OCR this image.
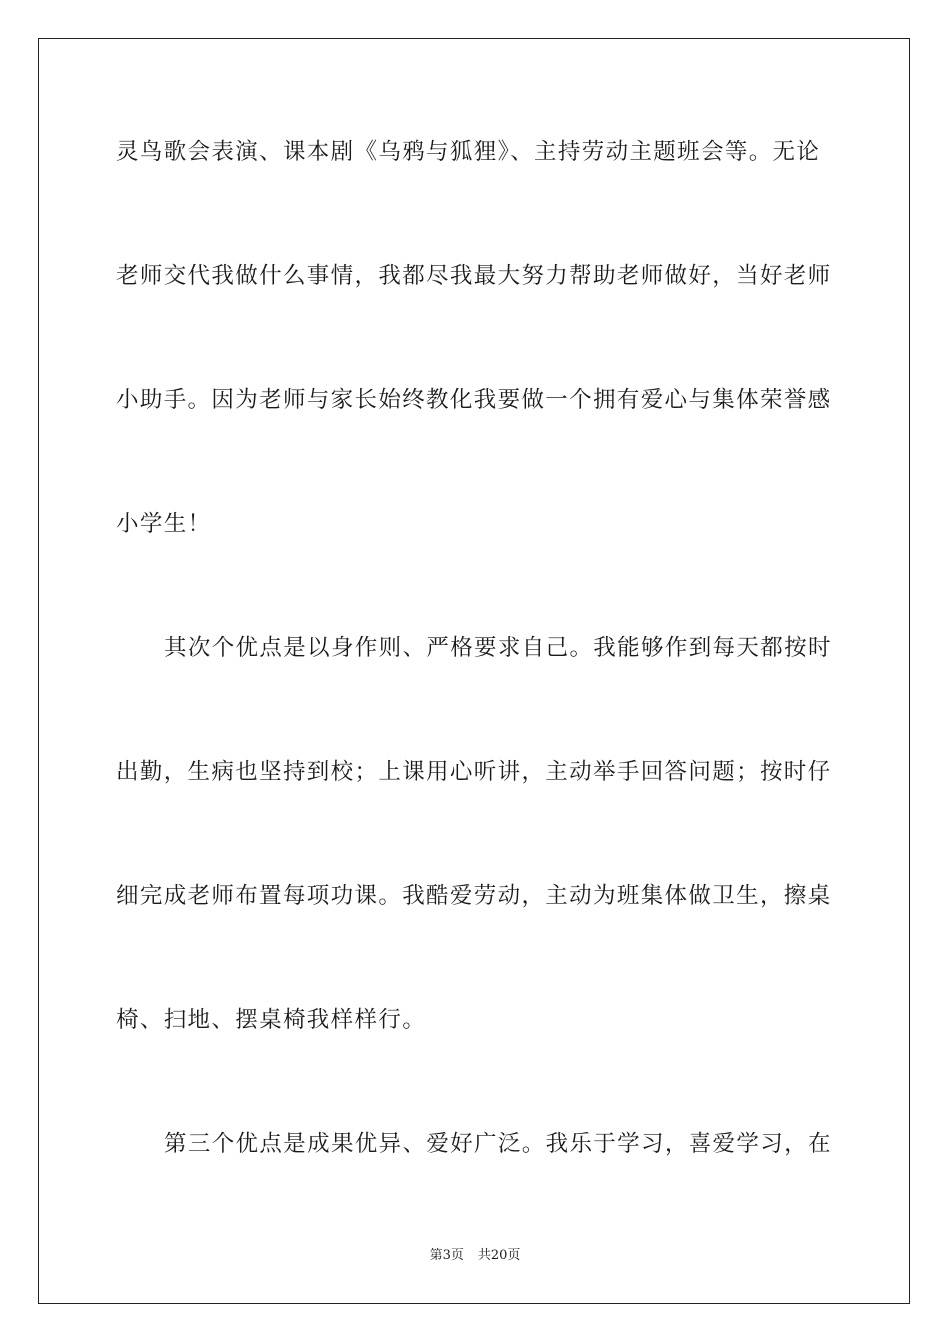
灵鸟歌会表演、课本剧《乌鸦与狐狸》、主持劳动主题班会等。无论
老师交代我做什么事情，我都尽我最大努力帮助老师做好，当好老师
小助手。因为老师与家长始终教化我要做一个拥有爱心与集体荣誉感
小学生！
其次个优点是以身作则、严格要求自己。我能够作到每天都按时
出勤，生病也坚持到校；上课用心听讲，主动举手回答问题；按时仔
细完成老师布置每项功课。我酷爱劳动，主动为班集体做卫生，擦桌
椅、扫地、摆桌椅我样样行。
第三个优点是成果优异、爱好广泛。我乐于学习，喜爱学习，在
第3页 共20页
